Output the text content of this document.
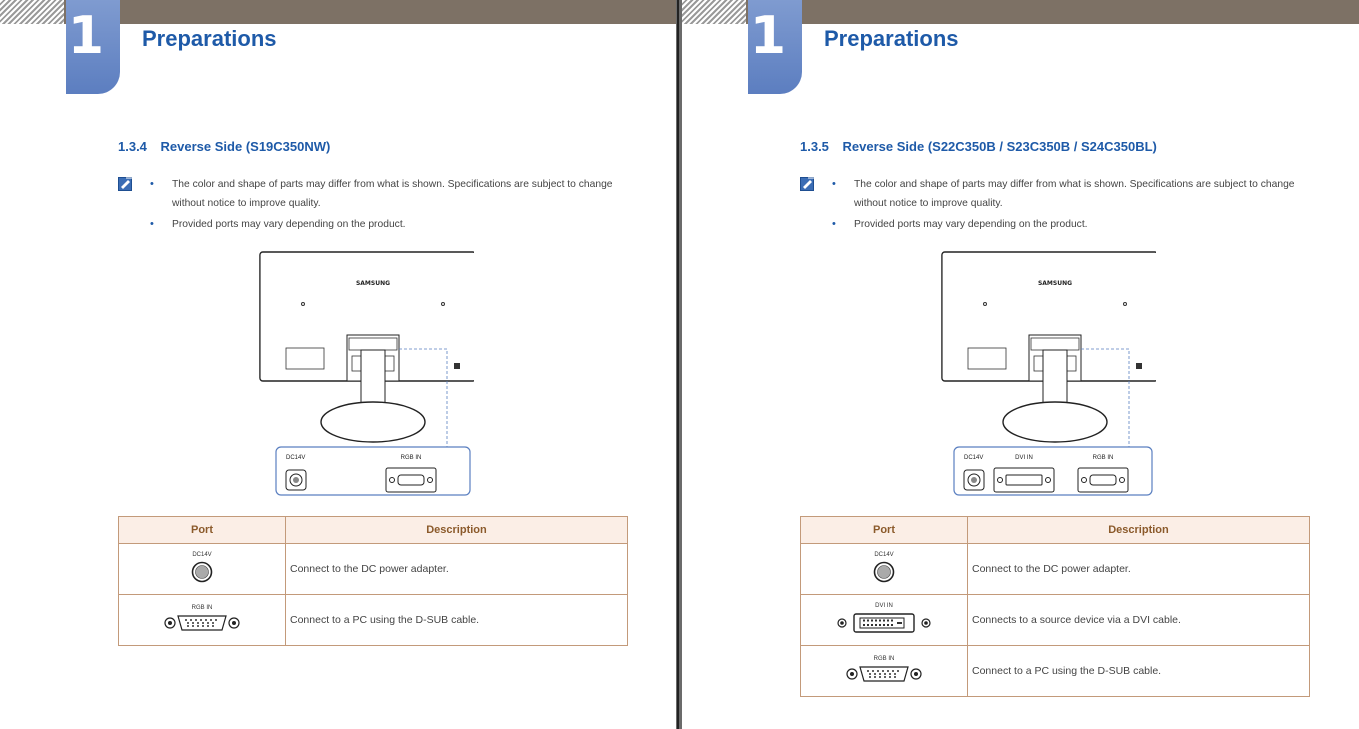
1 Preparations
1.3.4 Reverse Side (S19C350NW)
• The color and shape of parts may differ from what is shown. Specifications are subject to change without notice to improve quality.
• Provided ports may vary depending on the product.
SAMSUNG
DC14V	RGB IN
Port	Description

DC14V	Connect to the DC power adapter.

RGB IN	Connect to a PC using the D-SUB cable.
1 Preparations
1.3.5 Reverse Side (S22C350B / S23C350B / S24C350BL)
• The color and shape of parts may differ from what is shown. Specifications are subject to change without notice to improve quality.
• Provided ports may vary depending on the product.
SAMSUNG
DC14V	DVI IN	RGB IN
Port	Description

DC14V	Connect to the DC power adapter.

DVI IN	Connects to a source device via a DVI cable.

RGB IN	Connect to a PC using the D-SUB cable.
